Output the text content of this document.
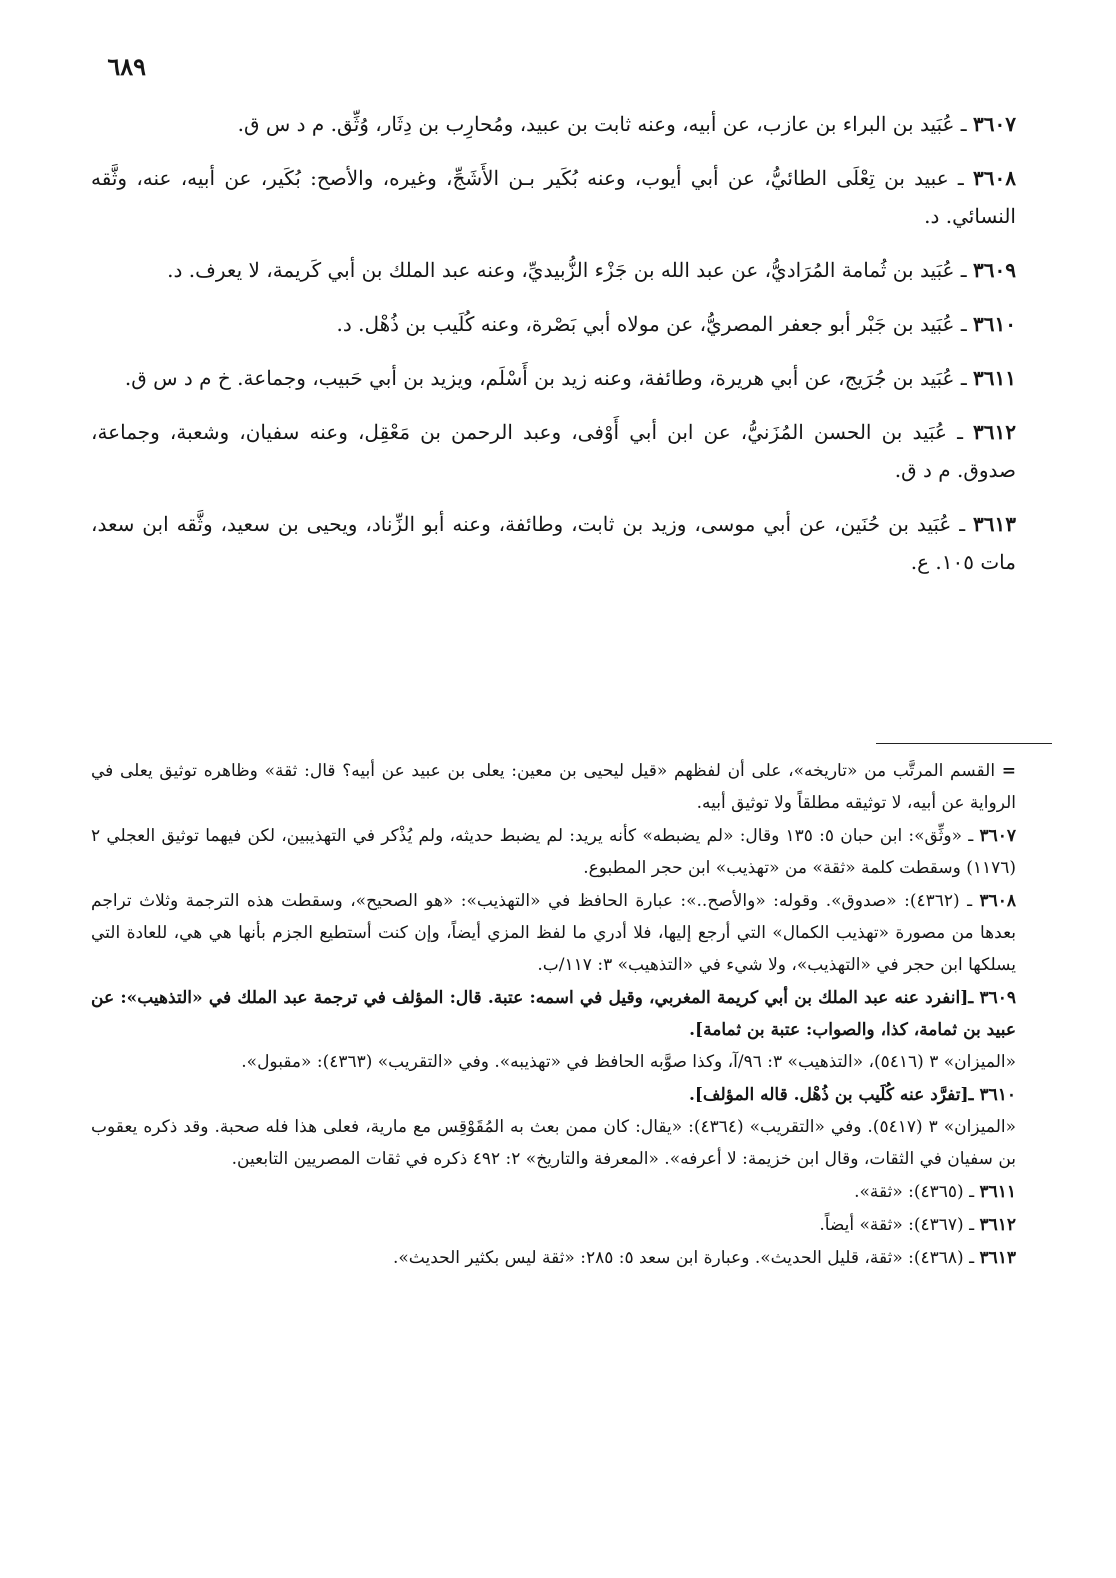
٦٨٩

٣٦٠٧ ـ عُبَيد بن البراء بن عازب، عن أبيه، وعنه ثابت بن عبيد، ومُحارِب بن دِثَار، وُثِّق. م د س ق.

٣٦٠٨ ـ عبيد بن تِعْلَى الطائيُّ، عن أبي أيوب، وعنه بُكَير بـن الأَشَجِّ، وغيره، والأصح: بُكَير، عن أبيه، عنه، وثَّقه النسائي. د.

٣٦٠٩ ـ عُبَيد بن ثُمامة المُرَاديُّ، عن عبد الله بن جَزْء الزُّبيديِّ، وعنه عبد الملك بن أبي كَريمة، لا يعرف. د.

٣٦١٠ ـ عُبَيد بن جَبْر أبو جعفر المصريُّ، عن مولاه أبي بَصْرة، وعنه كُلَيب بن ذُهْل. د.

٣٦١١ ـ عُبَيد بن جُرَيج، عن أبي هريرة، وطائفة، وعنه زيد بن أَسْلَم، ويزيد بن أبي حَبيب، وجماعة. خ م د س ق.

٣٦١٢ ـ عُبَيد بن الحسن المُزَنيُّ، عن ابن أبي أَوْفى، وعبد الرحمن بن مَعْقِل، وعنه سفيان، وشعبة، وجماعة، صدوق. م د ق.

٣٦١٣ ـ عُبَيد بن حُنَين، عن أبي موسى، وزيد بن ثابت، وطائفة، وعنه أبو الزِّناد، ويحيى بن سعيد، وثَّقه ابن سعد، مات ١٠٥. ع.

= القسم المرتَّب من «تاريخه»، على أن لفظهم «قيل ليحيى بن معين: يعلى بن عبيد عن أبيه؟ قال: ثقة» وظاهره توثيق يعلى في الرواية عن أبيه، لا توثيقه مطلقاً ولا توثيق أبيه.

٣٦٠٧ ـ «وثِّق»: ابن حبان ٥: ١٣٥ وقال: «لم يضبطه» كأنه يريد: لم يضبط حديثه، ولم يُذْكر في التهذيبين، لكن فيهما توثيق العجلي ٢ (١١٧٦) وسقطت كلمة «ثقة» من «تهذيب» ابن حجر المطبوع.

٣٦٠٨ ـ (٤٣٦٢): «صدوق». وقوله: «والأصح..»: عبارة الحافظ في «التهذيب»: «هو الصحيح»، وسقطت هذه الترجمة وثلاث تراجم بعدها من مصورة «تهذيب الكمال» التي أرجع إليها، فلا أدري ما لفظ المزي أيضاً، وإن كنت أستطيع الجزم بأنها هي هي، للعادة التي يسلكها ابن حجر في «التهذيب»، ولا شيء في «التذهيب» ٣: ١١٧/ب.

٣٦٠٩ ـ[انفرد عنه عبد الملك بن أبي كريمة المغربي، وقيل في اسمه: عتبة. قال: المؤلف في ترجمة عبد الملك في «التذهيب»: عن عبيد بن ثمامة، كذا، والصواب: عتبة بن ثمامة].
«الميزان» ٣ (٥٤١٦)، «التذهيب» ٣: ٩٦/آ، وكذا صوَّبه الحافظ في «تهذيبه». وفي «التقريب» (٤٣٦٣): «مقبول».

٣٦١٠ ـ[تفرَّد عنه كُلَيب بن ذُهْل. قاله المؤلف].
«الميزان» ٣ (٥٤١٧). وفي «التقريب» (٤٣٦٤): «يقال: كان ممن بعث به المُقَوْقِس مع مارية، فعلى هذا فله صحبة. وقد ذكره يعقوب بن سفيان في الثقات، وقال ابن خزيمة: لا أعرفه». «المعرفة والتاريخ» ٢: ٤٩٢ ذكره في ثقات المصريين التابعين.

٣٦١١ ـ (٤٣٦٥): «ثقة».

٣٦١٢ ـ (٤٣٦٧): «ثقة» أيضاً.

٣٦١٣ ـ (٤٣٦٨): «ثقة، قليل الحديث». وعبارة ابن سعد ٥: ٢٨٥: «ثقة ليس بكثير الحديث».
